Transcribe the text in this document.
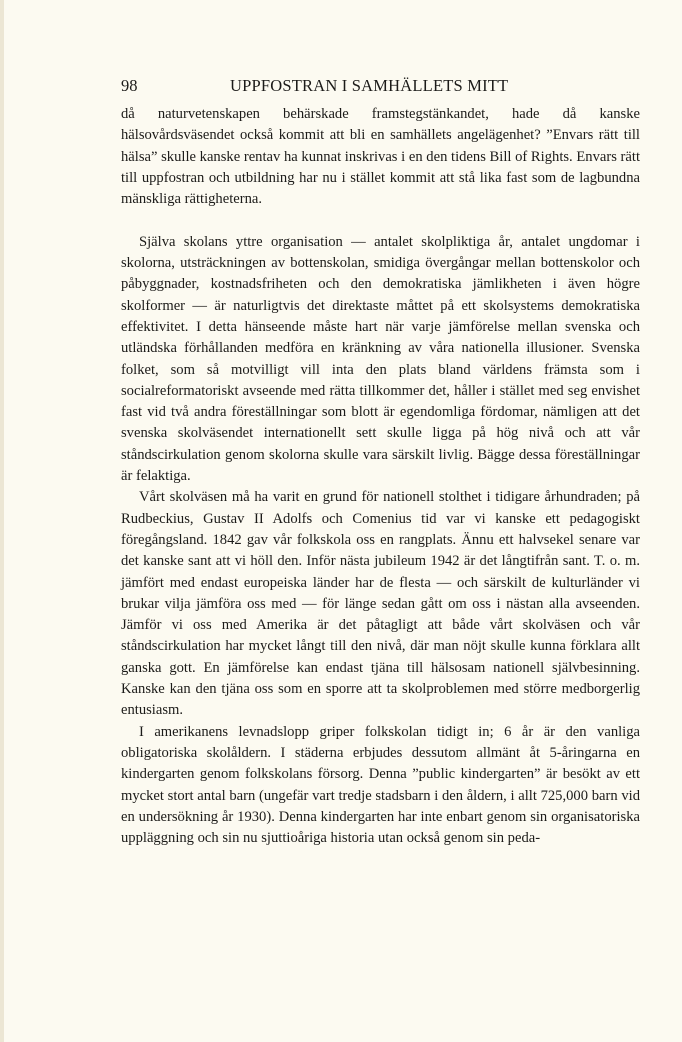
98	UPPFOSTRAN I SAMHÄLLETS MITT

då naturvetenskapen behärskade framstegstänkandet, hade då kanske hälsovårdsväsendet också kommit att bli en samhällets angelägenhet? ”Envars rätt till hälsa” skulle kanske rentav ha kunnat inskrivas i en den tidens Bill of Rights. Envars rätt till uppfostran och utbildning har nu i stället kommit att stå lika fast som de lagbundna mänskliga rättigheterna.

Själva skolans yttre organisation — antalet skolpliktiga år, antalet ungdomar i skolorna, utsträckningen av bottenskolan, smidiga övergångar mellan bottenskolor och påbyggnader, kostnadsfriheten och den demokratiska jämlikheten i även högre skolformer — är naturligtvis det direktaste måttet på ett skolsystems demokratiska effektivitet. I detta hänseende måste hart när varje jämförelse mellan svenska och utländska förhållanden medföra en kränkning av våra nationella illusioner. Svenska folket, som så motvilligt vill inta den plats bland världens främsta som i socialreformatoriskt avseende med rätta tillkommer det, håller i stället med seg envishet fast vid två andra föreställningar som blott är egendomliga fördomar, nämligen att det svenska skolväsendet internationellt sett skulle ligga på hög nivå och att vår ståndscirkulation genom skolorna skulle vara särskilt livlig. Bägge dessa föreställningar är felaktiga.

Vårt skolväsen må ha varit en grund för nationell stolthet i tidigare århundraden; på Rudbeckius, Gustav II Adolfs och Comenius tid var vi kanske ett pedagogiskt föregångsland. 1842 gav vår folkskola oss en rangplats. Ännu ett halvsekel senare var det kanske sant att vi höll den. Inför nästa jubileum 1942 är det långtifrån sant. T. o. m. jämfört med endast europeiska länder har de flesta — och särskilt de kulturländer vi brukar vilja jämföra oss med — för länge sedan gått om oss i nästan alla avseenden. Jämför vi oss med Amerika är det påtagligt att både vårt skolväsen och vår ståndscirkulation har mycket långt till den nivå, där man nöjt skulle kunna förklara allt ganska gott. En jämförelse kan endast tjäna till hälsosam nationell självbesinning. Kanske kan den tjäna oss som en sporre att ta skolproblemen med större medborgerlig entusiasm.

I amerikanens levnadslopp griper folkskolan tidigt in; 6 år är den vanliga obligatoriska skolåldern. I städerna erbjudes dessutom allmänt åt 5-åringarna en kindergarten genom folkskolans försorg. Denna ”public kindergarten” är besökt av ett mycket stort antal barn (ungefär vart tredje stadsbarn i den åldern, i allt 725,000 barn vid en undersökning år 1930). Denna kindergarten har inte enbart genom sin organisatoriska uppläggning och sin nu sjuttioåriga historia utan också genom sin peda-
